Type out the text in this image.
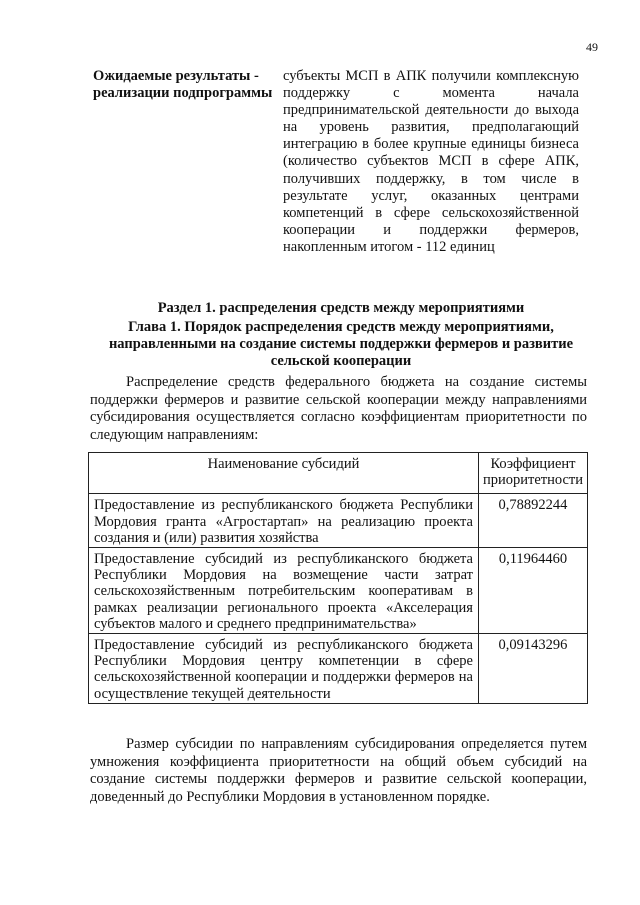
49
Ожидаемые результаты - реализации подпрограммы
субъекты МСП в АПК получили комплексную поддержку с момента начала предпринимательской деятельности до выхода на уровень развития, предполагающий интеграцию в более крупные единицы бизнеса (количество субъектов МСП в сфере АПК, получивших поддержку, в том числе в результате услуг, оказанных центрами компетенций в сфере сельскохозяйственной кооперации и поддержки фермеров, накопленным итогом - 112 единиц
Раздел 1. распределения средств между мероприятиями
Глава 1. Порядок распределения средств между мероприятиями, направленными на создание системы поддержки фермеров и развитие сельской кооперации

Распределение средств федерального бюджета на создание системы поддержки фермеров и развитие сельской кооперации между направлениями субсидирования осуществляется согласно коэффициентам приоритетности по следующим направлениям:

Наименование субсидий	Коэффициент приоритетности
Предоставление из республиканского бюджета Республики Мордовия гранта «Агростартап» на реализацию проекта создания и (или) развития хозяйства	0,78892244
Предоставление субсидий из республиканского бюджета Республики Мордовия на возмещение части затрат сельскохозяйственным потребительским кооперативам в рамках реализации регионального проекта «Акселерация субъектов малого и среднего предпринимательства»	0,11964460
Предоставление субсидий из республиканского бюджета Республики Мордовия центру компетенции в сфере сельскохозяйственной кооперации и поддержки фермеров на осуществление текущей деятельности	0,09143296

Размер субсидии по направлениям субсидирования определяется путем умножения коэффициента приоритетности на общий объем субсидий на создание системы поддержки фермеров и развитие сельской кооперации, доведенный до Республики Мордовия в установленном порядке.
